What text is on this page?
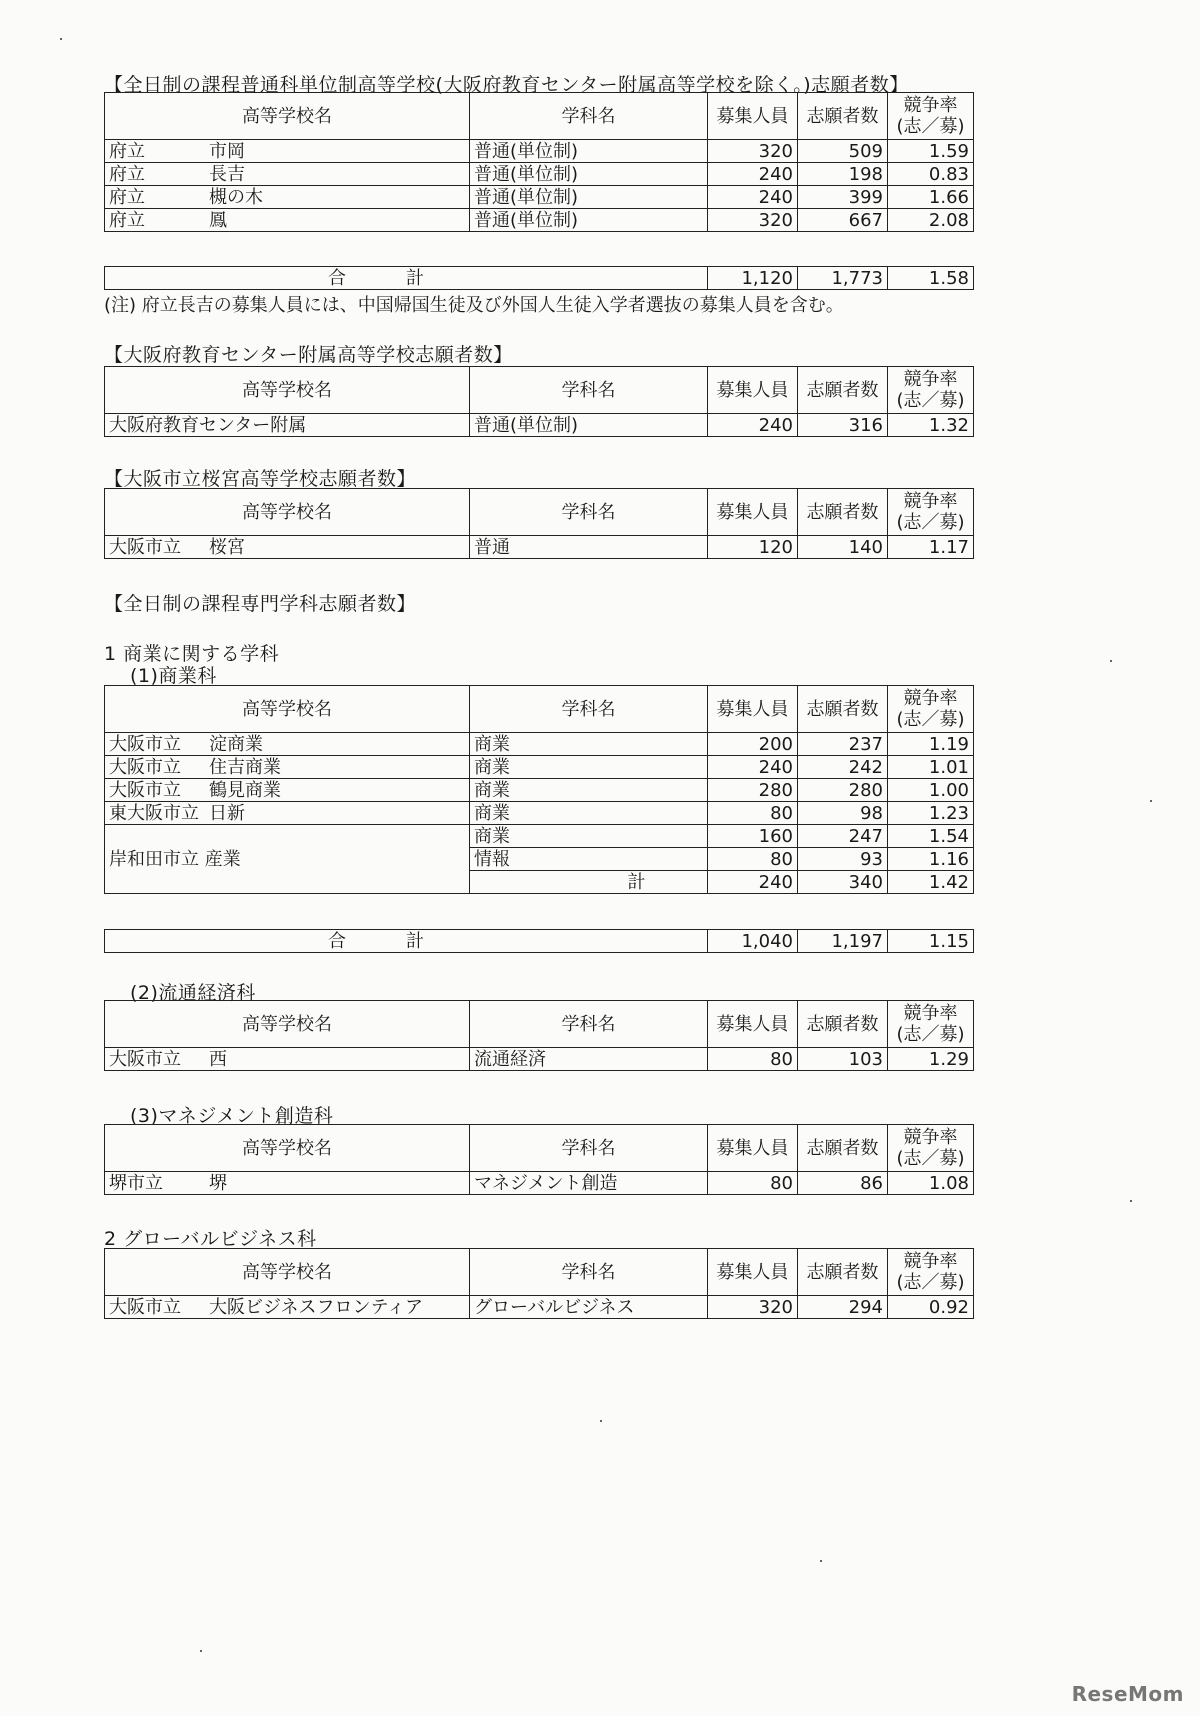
【全日制の課程普通科単位制高等学校(大阪府教育センター附属高等学校を除く。)志願者数】
高等学校名	学科名	募集人員	志願者数	競争率
(志／募)
府立 市岡	普通(単位制)	320	509	1.59
府立 長吉	普通(単位制)	240	198	0.83
府立 槻の木	普通(単位制)	240	399	1.66
府立 鳳	普通(単位制)	320	667	2.08
合計	1,120	1,773	1.58
(注) 府立長吉の募集人員には、中国帰国生徒及び外国人生徒入学者選抜の募集人員を含む。
【大阪府教育センター附属高等学校志願者数】
高等学校名	学科名	募集人員	志願者数	競争率
(志／募)
大阪府教育センター附属	普通(単位制)	240	316	1.32
【大阪市立桜宮高等学校志願者数】
高等学校名	学科名	募集人員	志願者数	競争率
(志／募)
大阪市立 桜宮	普通	120	140	1.17
【全日制の課程専門学科志願者数】
1 商業に関する学科
(1)商業科
高等学校名	学科名	募集人員	志願者数	競争率
(志／募)
大阪市立 淀商業	商業	200	237	1.19
大阪市立 住吉商業	商業	240	242	1.01
大阪市立 鶴見商業	商業	280	280	1.00
東大阪市立 日新	商業	80	98	1.23
岸和田市立 産業	商業	160	247	1.54
	情報	80	93	1.16
	計	240	340	1.42
合計	1,040	1,197	1.15
(2)流通経済科
高等学校名	学科名	募集人員	志願者数	競争率
(志／募)
大阪市立 西	流通経済	80	103	1.29
(3)マネジメント創造科
高等学校名	学科名	募集人員	志願者数	競争率
(志／募)
堺市立 堺	マネジメント創造	80	86	1.08
2 グローバルビジネス科
高等学校名	学科名	募集人員	志願者数	競争率
(志／募)
大阪市立 大阪ビジネスフロンティア	グローバルビジネス	320	294	0.92
ReseMom
